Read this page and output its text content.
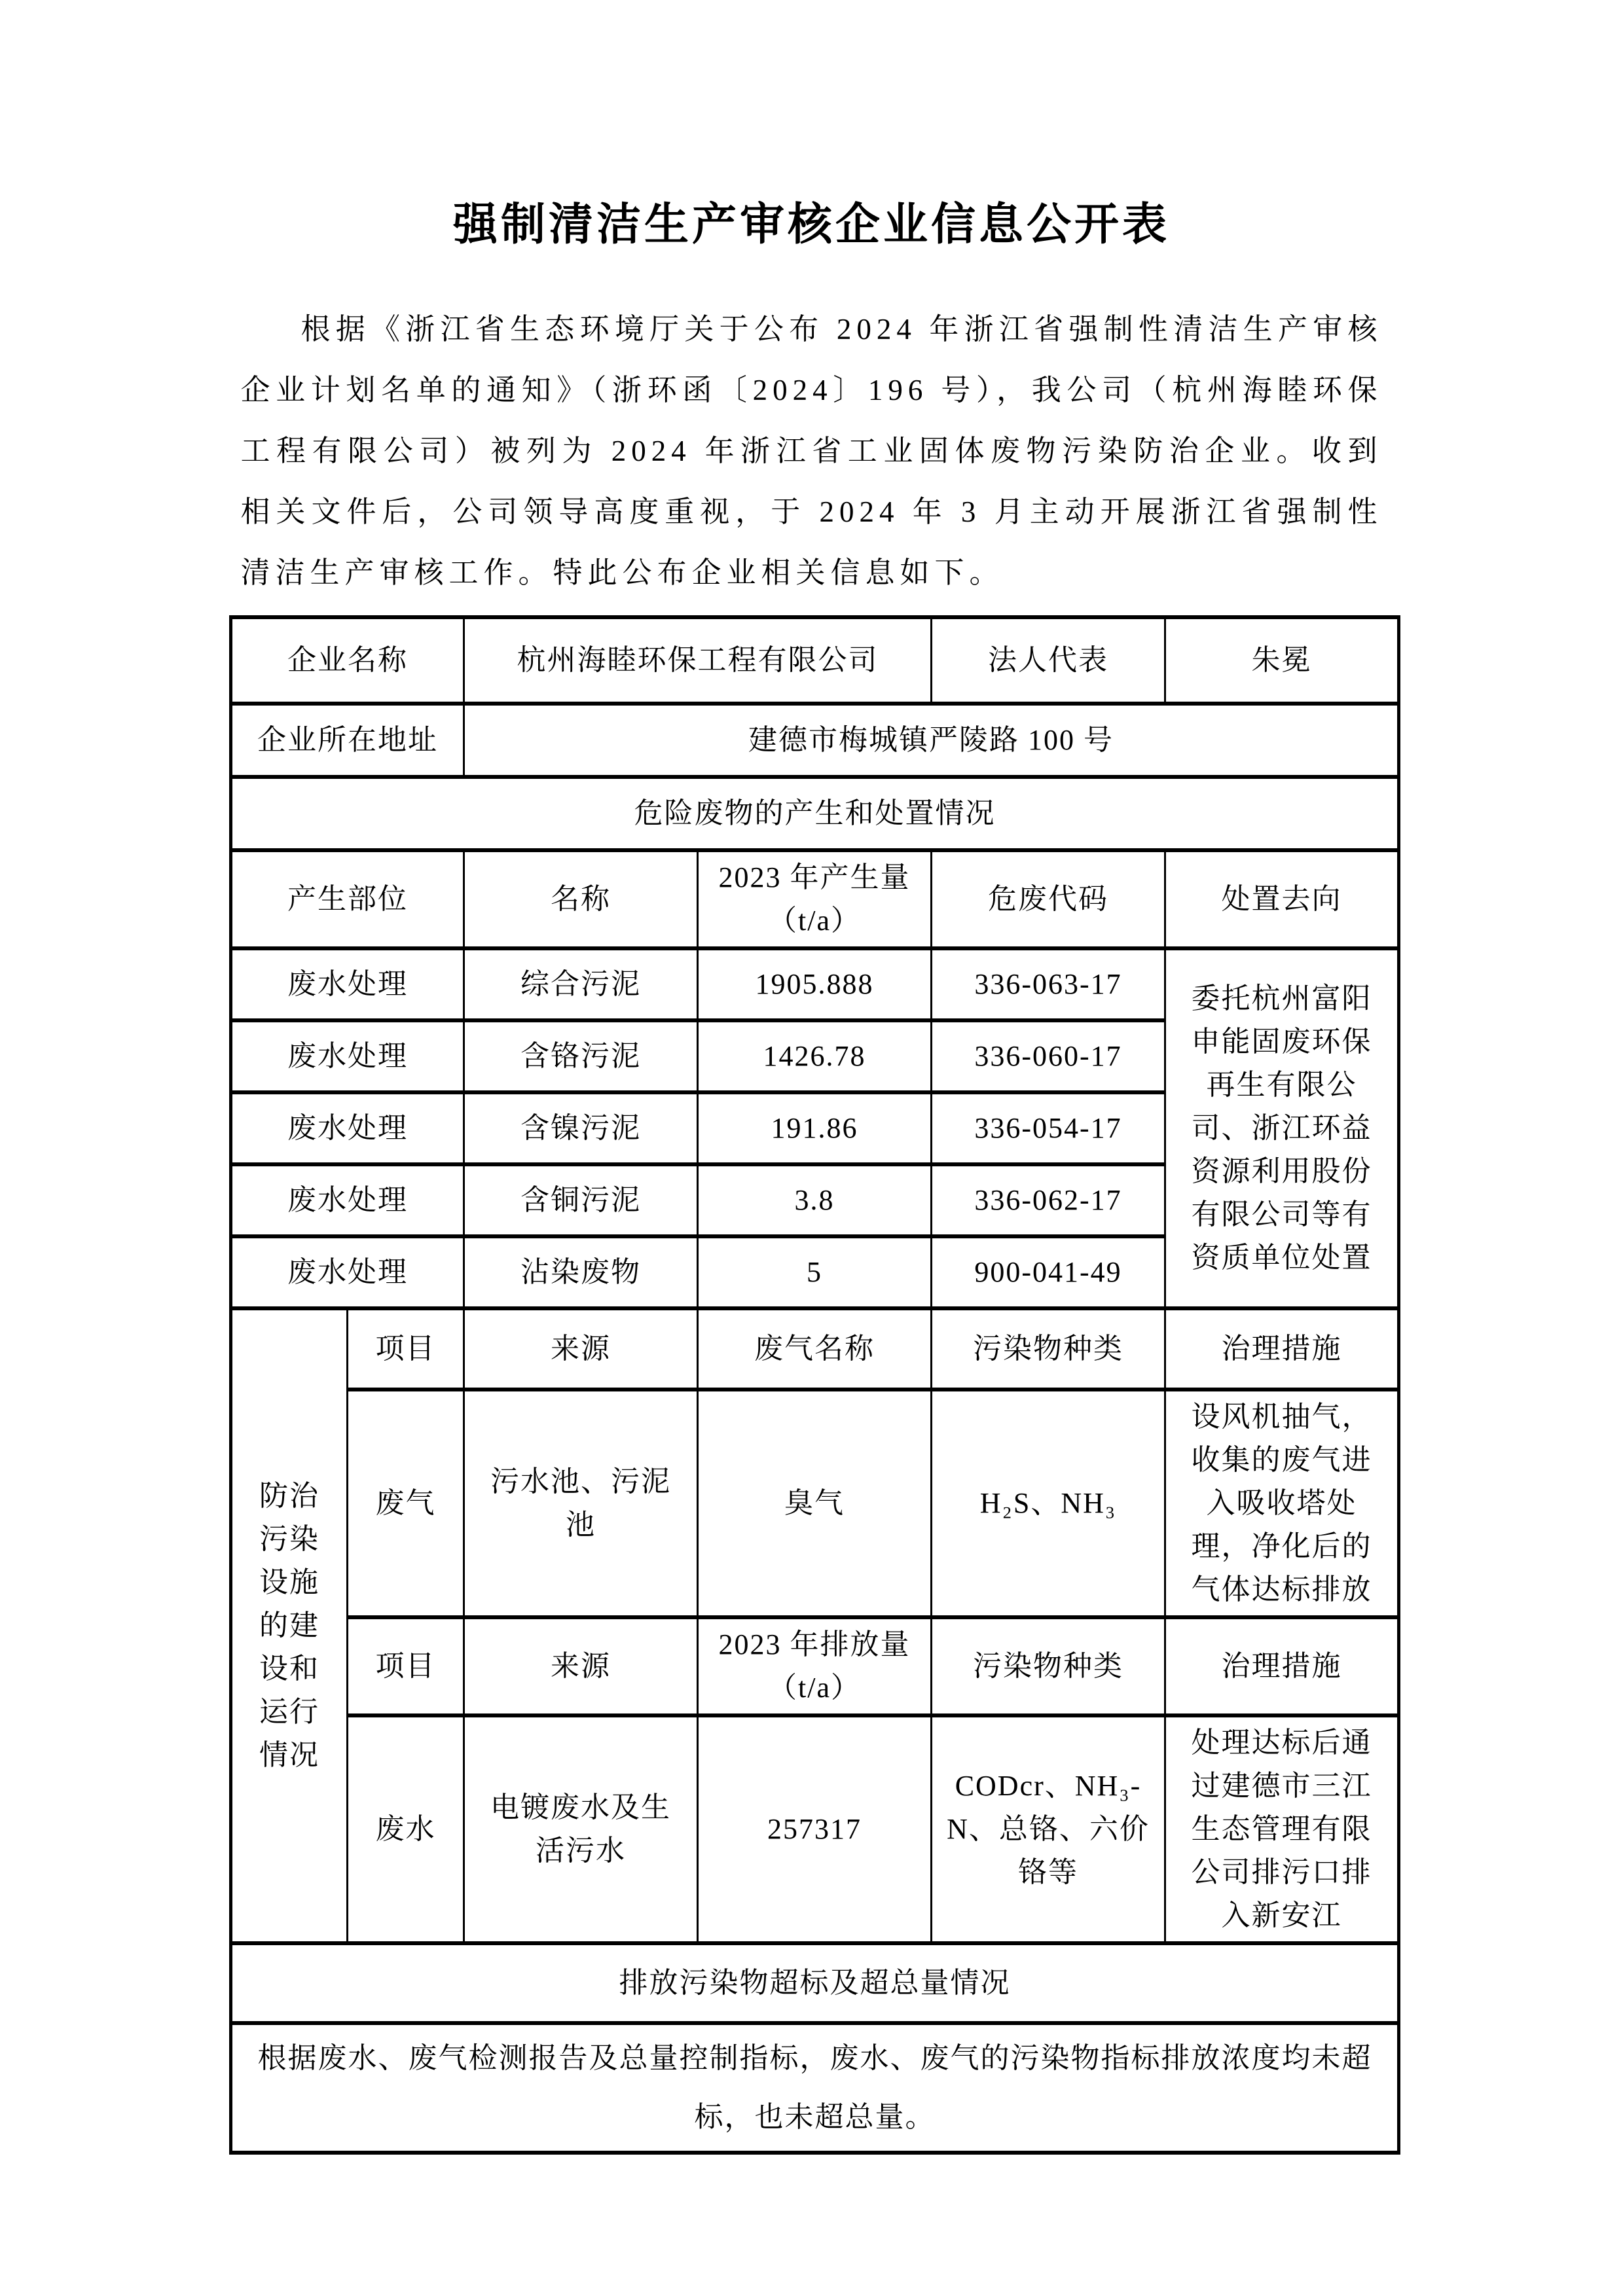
强制清洁生产审核企业信息公开表

根据《浙江省生态环境厅关于公布 2024 年浙江省强制性清洁生产审核企业计划名单的通知》（浙环函〔2024〕196 号），我公司（杭州海睦环保工程有限公司）被列为 2024 年浙江省工业固体废物污染防治企业。收到相关文件后，公司领导高度重视，于 2024 年 3 月主动开展浙江省强制性清洁生产审核工作。特此公布企业相关信息如下。

企业名称		杭州海睦环保工程有限公司		法人代表	朱冕
企业所在地址		建德市梅城镇严陵路 100 号			
危险废物的产生和处置情况					
产生部位		名称	2023 年产生量（t/a）	危废代码	处置去向
废水处理		综合污泥	1905.888	336-063-17	委托杭州富阳申能固废环保再生有限公司、浙江环益资源利用股份有限公司等有资质单位处置
废水处理		含铬污泥	1426.78	336-060-17	
废水处理		含镍污泥	191.86	336-054-17	
废水处理		含铜污泥	3.8	336-062-17	
废水处理		沾染废物	5	900-041-49	
防治污染设施的建设和运行情况	项目	来源	废气名称	污染物种类	治理措施
	废气	污水池、污泥池	臭气	H₂S、NH₃	设风机抽气，收集的废气进入吸收塔处理，净化后的气体达标排放
	项目	来源	2023 年排放量（t/a）	污染物种类	治理措施
	废水	电镀废水及生活污水	257317	CODcr、NH₃-N、总铬、六价铬等	处理达标后通过建德市三江生态管理有限公司排污口排入新安江
排放污染物超标及超总量情况					
根据废水、废气检测报告及总量控制指标，废水、废气的污染物指标排放浓度均未超标，也未超总量。					
